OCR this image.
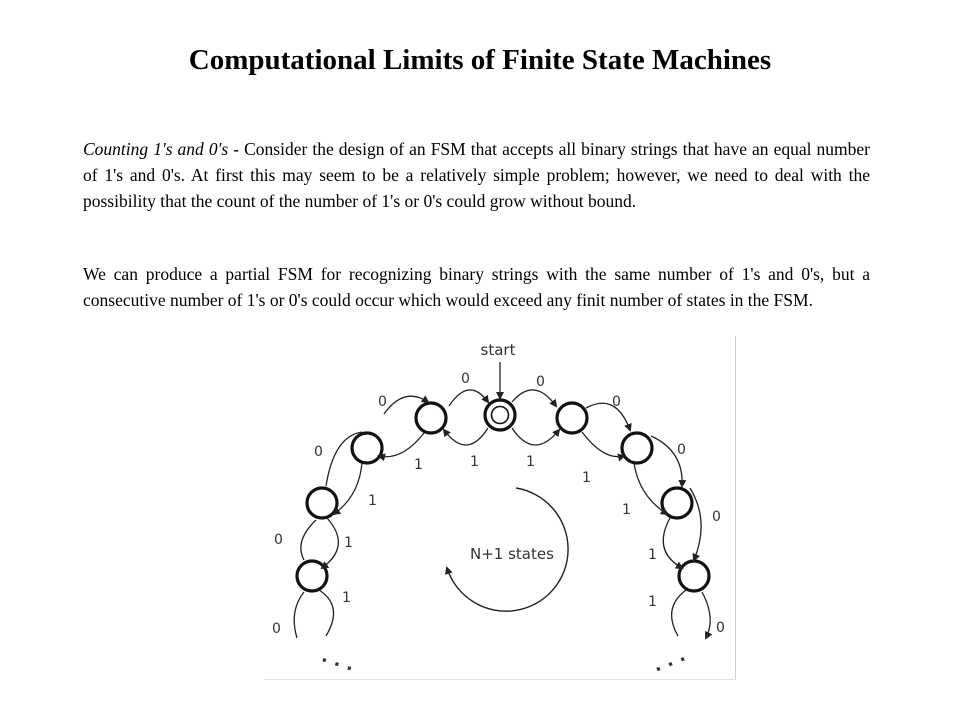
Computational Limits of Finite State Machines

Counting 1's and 0's - Consider the design of an FSM that accepts all binary strings that have an equal number of 1's and 0's. At first this may seem to be a relatively simple problem; however, we need to deal with the possibility that the count of the number of 1's or 0's could grow without bound.

We can produce a partial FSM for recognizing binary strings with the same number of 1's and 0's, but a consecutive number of 1's or 0's could occur which would exceed any finit number of states in the FSM.

start
0	0
0	0
0	0
0
0
0	0
1	1
1
1
1
1
1
1
1	1
. . .	. . .
N+1 states
